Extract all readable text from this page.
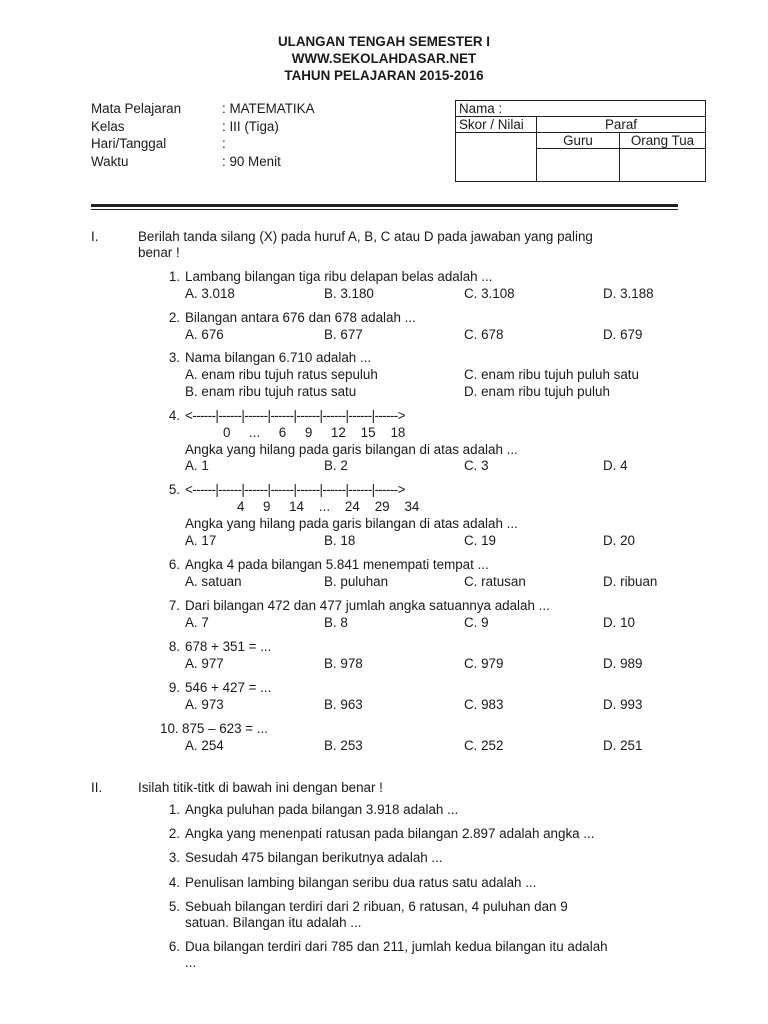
ULANGAN TENGAH SEMESTER I
WWW.SEKOLAHDASAR.NET
TAHUN PELAJARAN 2015-2016
Mata Pelajaran	: MATEMATIKA
Kelas	: III (Tiga)
Hari/Tanggal	:
Waktu	: 90 Menit
Nama :		
Skor / Nilai	Paraf	
	Guru	Orang Tua

I.	Berilah tanda silang (X) pada huruf A, B, C atau D pada jawaban yang paling
benar !
1. Lambang bilangan tiga ribu delapan belas adalah ...
A. 3.018	B. 3.180	C. 3.108	D. 3.188
2. Bilangan antara 676 dan 678 adalah ...
A. 676	B. 677	C. 678	D. 679
3. Nama bilangan 6.710 adalah ...
A. enam ribu tujuh ratus sepuluh	C. enam ribu tujuh puluh satu
B. enam ribu tujuh ratus satu	D. enam ribu tujuh puluh
4. <------|------|------|------|------|------|------|------>
0     ...     6     9     12    15    18
Angka yang hilang pada garis bilangan di atas adalah ...
A. 1	B. 2	C. 3	D. 4
5. <------|------|------|------|------|------|------|------>
4     9     14    ...    24    29    34
Angka yang hilang pada garis bilangan di atas adalah ...
A. 17	B. 18	C. 19	D. 20
6. Angka 4 pada bilangan 5.841 menempati tempat ...
A. satuan	B. puluhan	C. ratusan	D. ribuan
7. Dari bilangan 472 dan 477 jumlah angka satuannya adalah ...
A. 7	B. 8	C. 9	D. 10
8. 678 + 351 = ...
A. 977	B. 978	C. 979	D. 989
9. 546 + 427 = ...
A. 973	B. 963	C. 983	D. 993
10. 875 – 623 = ...
A. 254	B. 253	C. 252	D. 251
II.	Isilah titik-titk di bawah ini dengan benar !
1. Angka puluhan pada bilangan 3.918 adalah ...
2. Angka yang menenpati ratusan pada bilangan 2.897 adalah angka ...
3. Sesudah 475 bilangan berikutnya adalah ...
4. Penulisan lambing bilangan seribu dua ratus satu adalah ...
5. Sebuah bilangan terdiri dari 2 ribuan, 6 ratusan, 4 puluhan dan 9
satuan. Bilangan itu adalah ...
6. Dua bilangan terdiri dari 785 dan 211, jumlah kedua bilangan itu adalah
...
